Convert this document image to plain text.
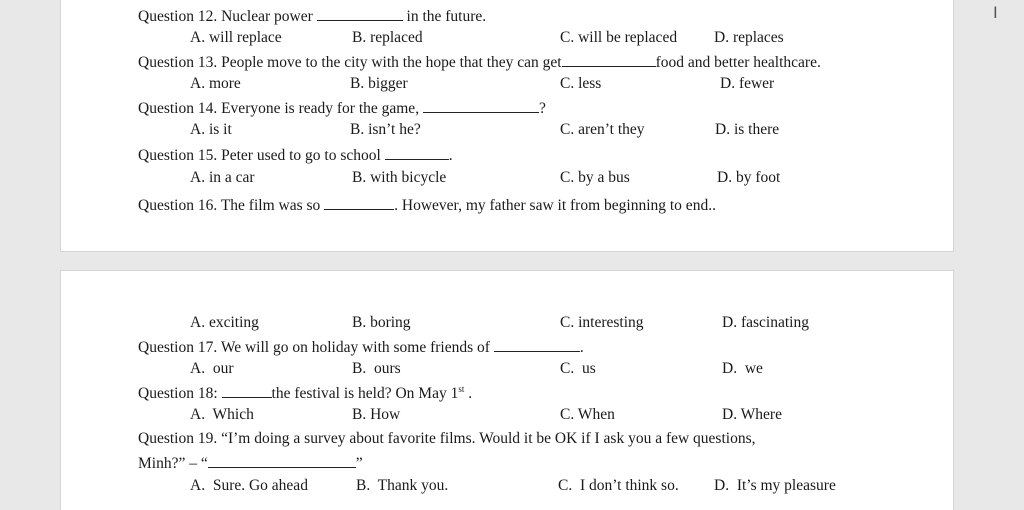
I
Question 12. Nuclear power	in the future.
A. will replace	B. replaced	C. will be replaced D. replaces
Question 13. People move to the city with the hope that they can get	food and better healthcare.
A. more	B. bigger	C. less	D. fewer
Question 14. Everyone is ready for the game,	?
A. is it	B. isn’t he?	C. aren’t they	D. is there
Question 15. Peter used to go to school	.
A. in a car	B. with bicycle	C. by a bus	D. by foot
Question 16. The film was so	. However, my father saw it from beginning to end..
A. exciting	B. boring	C. interesting	D. fascinating
Question 17. We will go on holiday with some friends of	.
A.  our	B.  ours	C.  us	D.  we
Question 18:	the festival is held? On May 1st .
A.  Which	B. How	C. When	D. Where
Question 19. “I’m doing a survey about favorite films. Would it be OK if I ask you a few questions,
Minh?” – “	”
A.  Sure. Go ahead	B.  Thank you.	C.  I don’t think so. D.  It’s my pleasure
